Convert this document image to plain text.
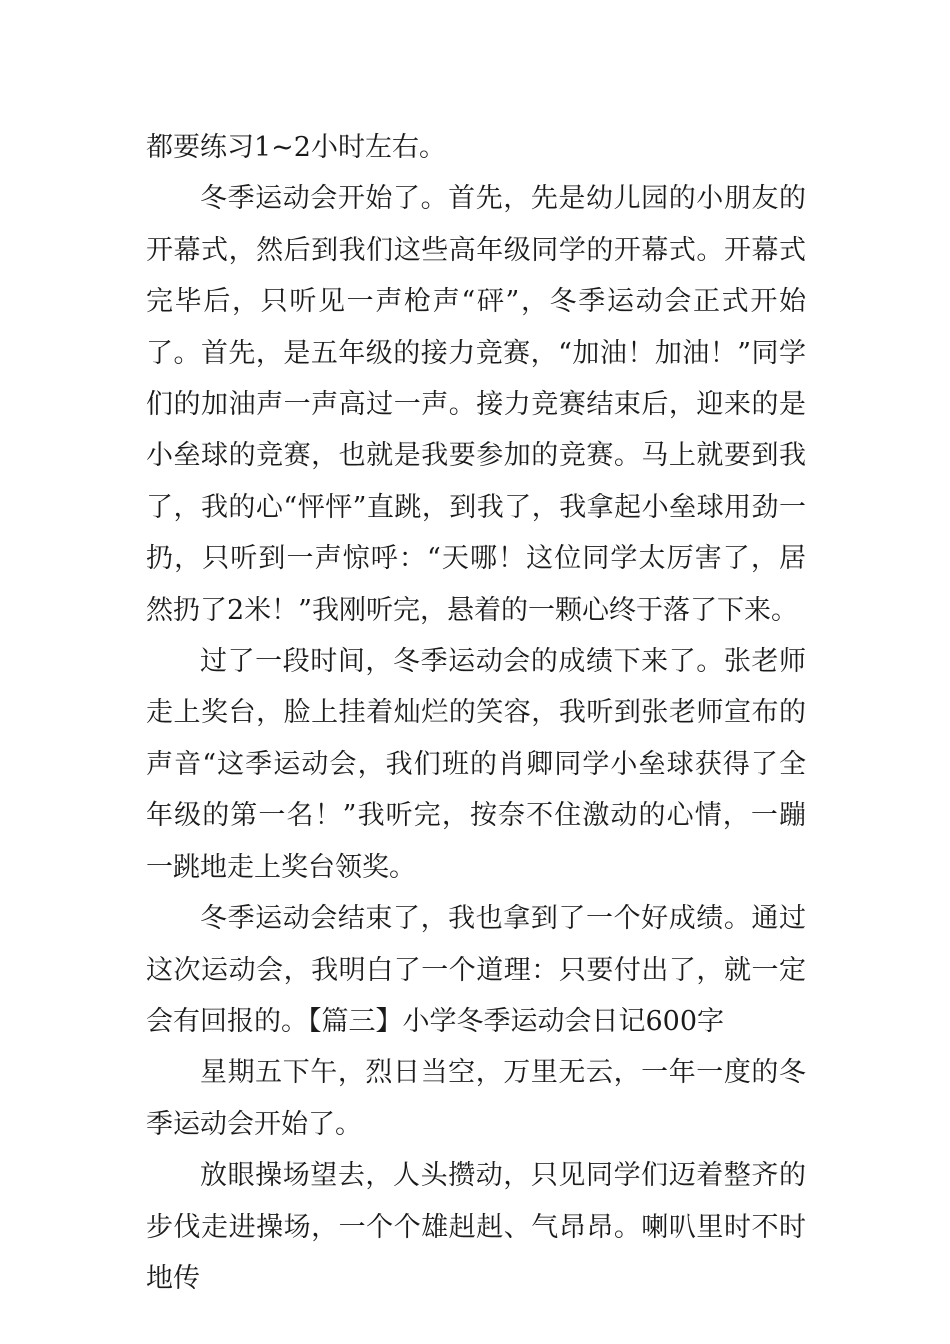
都要练习1~2小时左右。

冬季运动会开始了。首先，先是幼儿园的小朋友的开幕式，然后到我们这些高年级同学的开幕式。开幕式完毕后，只听见一声枪声“砰”，冬季运动会正式开始了。首先，是五年级的接力竞赛，“加油！加油！”同学们的加油声一声高过一声。接力竞赛结束后，迎来的是小垒球的竞赛，也就是我要参加的竞赛。马上就要到我了，我的心“怦怦”直跳，到我了，我拿起小垒球用劲一扔，只听到一声惊呼：“天哪！这位同学太厉害了，居然扔了2米！”我刚听完，悬着的一颗心终于落了下来。

过了一段时间，冬季运动会的成绩下来了。张老师走上奖台，脸上挂着灿烂的笑容，我听到张老师宣布的声音“这季运动会，我们班的肖卿同学小垒球获得了全年级的第一名！”我听完，按奈不住激动的心情，一蹦一跳地走上奖台领奖。

冬季运动会结束了，我也拿到了一个好成绩。通过这次运动会，我明白了一个道理：只要付出了，就一定会有回报的。【篇三】小学冬季运动会日记600字

星期五下午，烈日当空，万里无云，一年一度的冬季运动会开始了。

放眼操场望去，人头攒动，只见同学们迈着整齐的步伐走进操场，一个个雄赳赳、气昂昂。喇叭里时不时地传
